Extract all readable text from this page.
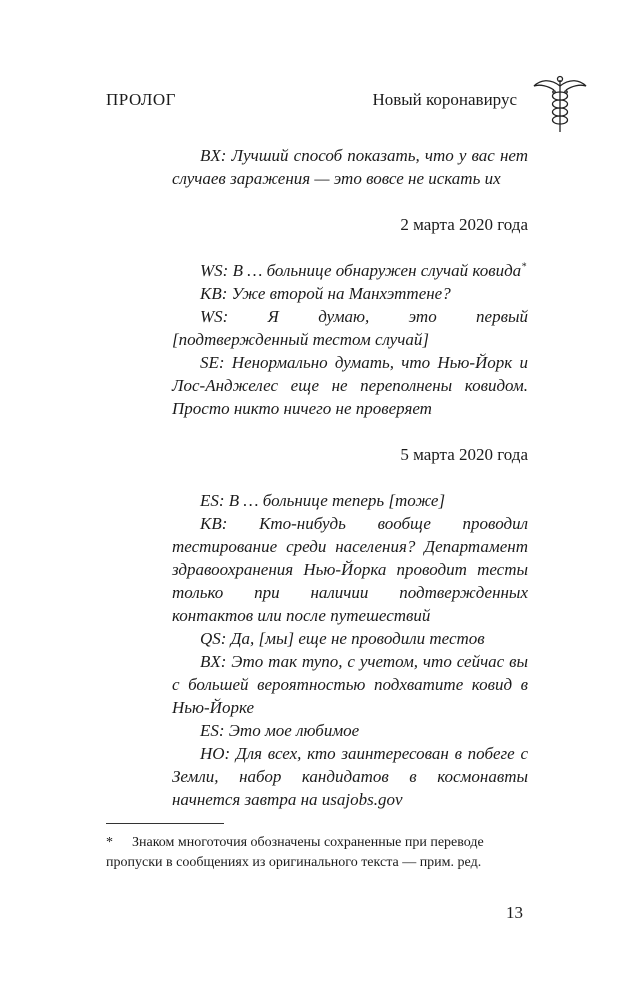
ПРОЛОГ	Новый коронавирус

BX: Лучший способ показать, что у вас нет случаев заражения — это вовсе не искать их

2 марта 2020 года

WS: В … больнице обнаружен случай ковида*

KB: Уже второй на Манхэттене?

WS: Я думаю, это первый [подтвержденный тестом случай]

SE: Ненормально думать, что Нью-Йорк и Лос-Анджелес еще не переполнены ковидом. Просто никто ничего не проверяет

5 марта 2020 года

ES: В … больнице теперь [тоже]

KB: Кто-нибудь вообще проводил тестирование среди населения? Департамент здравоохранения Нью-Йорка проводит тесты только при наличии подтвержденных контактов или после путешествий

QS: Да, [мы] еще не проводили тестов

BX: Это так тупо, с учетом, что сейчас вы с большей вероятностью подхватите ковид в Нью-Йорке

ES: Это мое любимое

HO: Для всех, кто заинтересован в побеге с Земли, набор кандидатов в космонавты начнется завтра на usajobs.gov

* Знаком многоточия обозначены сохраненные при переводе пропуски в сообщениях из оригинального текста — прим. ред.
13
